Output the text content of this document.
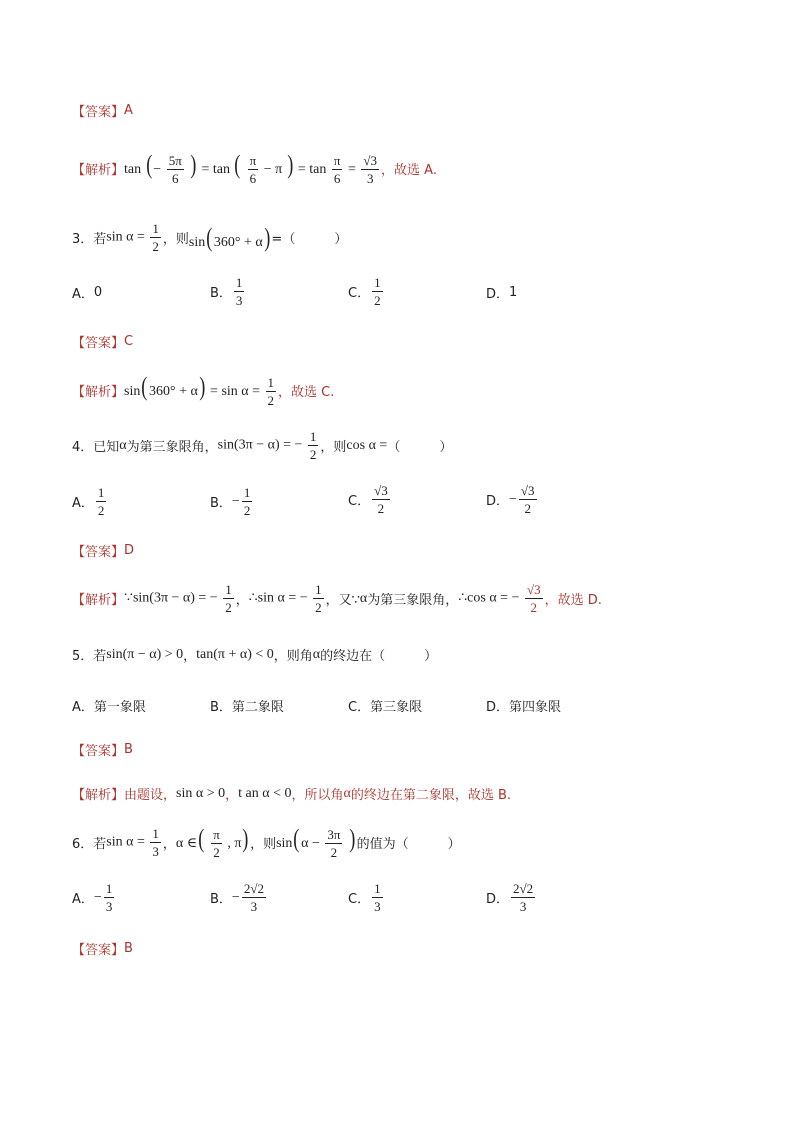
【答案】 A
【解析】 tan (− $\frac{5\pi}{6}$ ) = tan ( $\frac{\pi}{6} - \pi$ ) = $\tan \frac{\pi}{6} = \frac{√3}{3}$ ，故选 A.
3．若 $\sin \alpha = \frac{1}{2}$ ，则 sin(360° + α) =（　　　）
A． 0	B． $\frac{1}{3}$	C． $\frac{1}{2}$	D． 1
【答案】 C
【解析】 $\sin(360^\circ + \alpha) = \sin \alpha = \frac{1}{2}$ ，故选 C.
4．已知 α 为第三象限角， sin(3π − α) = − $\frac{1}{2}$ ，则 cos α = （　　　）
A． $\frac{1}{2}$	B． − $\frac{1}{2}$	C． $\frac{√3}{2}$	D． − $\frac{√3}{2}$
【答案】 D
【解析】 ∵sin(3π − α) = − $\frac{1}{2}$ ， ∴sin α = − $\frac{1}{2}$ ，又∵ α 为第三象限角， ∴cos α = − $\frac{√3}{2}$ ，故选 D.
5．若 sin(π − α) > 0 ， tan(π + α) < 0 ，则角 α 的终边在（　　　）
A． 第一象限	B． 第二象限	C． 第三象限	D． 第四象限
【答案】 B
【解析】 由题设， sin α > 0 ， t an α < 0 ，所以角 α 的终边在第二象限， 故选 B.
6．若 $\sin \alpha = \frac{1}{3}$ ， α ∈( $\frac{\pi}{2}$ , π) ，则 $\sin(\alpha - \frac{3\pi}{2}$ ) 的值为（　　　）
A． − $\frac{1}{3}$	B． − $\frac{2√2}{3}$	C． $\frac{1}{3}$	D． $\frac{2√2}{3}$
【答案】 B
